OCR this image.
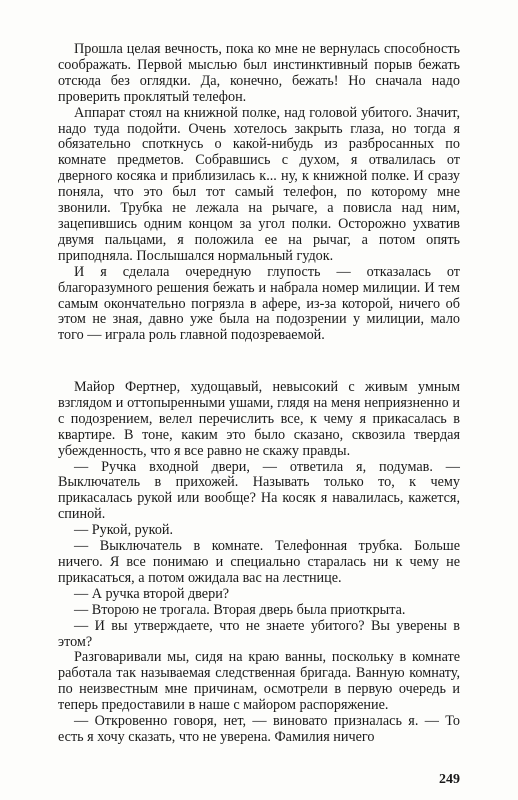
Прошла целая вечность, пока ко мне не вернулась способность соображать. Первой мыслью был инстинктивный порыв бежать отсюда без оглядки. Да, конечно, бежать! Но сначала надо проверить проклятый телефон.

Аппарат стоял на книжной полке, над головой убитого. Значит, надо туда подойти. Очень хотелось закрыть глаза, но тогда я обязательно споткнусь о какой-нибудь из разбросанных по комнате предметов. Собравшись с духом, я отвалилась от дверного косяка и приблизилась к... ну, к книжной полке. И сразу поняла, что это был тот самый телефон, по которому мне звонили. Трубка не лежала на рычаге, а повисла над ним, зацепившись одним концом за угол полки. Осторожно ухватив двумя пальцами, я положила ее на рычаг, а потом опять приподняла. Послышался нормальный гудок.

И я сделала очередную глупость — отказалась от благоразумного решения бежать и набрала номер милиции. И тем самым окончательно погрязла в афере, из-за которой, ничего об этом не зная, давно уже была на подозрении у милиции, мало того — играла роль главной подозреваемой.

Майор Фертнер, худощавый, невысокий с живым умным взглядом и оттопыренными ушами, глядя на меня неприязненно и с подозрением, велел перечислить все, к чему я прикасалась в квартире. В тоне, каким это было сказано, сквозила твердая убежденность, что я все равно не скажу правды.

— Ручка входной двери, — ответила я, подумав. — Выключатель в прихожей. Называть только то, к чему прикасалась рукой или вообще? На косяк я навалилась, кажется, спиной.

— Рукой, рукой.

— Выключатель в комнате. Телефонная трубка. Больше ничего. Я все понимаю и специально старалась ни к чему не прикасаться, а потом ожидала вас на лестнице.

— А ручка второй двери?

— Второю не трогала. Вторая дверь была приоткрыта.

— И вы утверждаете, что не знаете убитого? Вы уверены в этом?

Разговаривали мы, сидя на краю ванны, поскольку в комнате работала так называемая следственная бригада. Ванную комнату, по неизвестным мне причинам, осмотрели в первую очередь и теперь предоставили в наше с майором распоряжение.

— Откровенно говоря, нет, — виновато призналась я. — То есть я хочу сказать, что не уверена. Фамилия ничего

249
